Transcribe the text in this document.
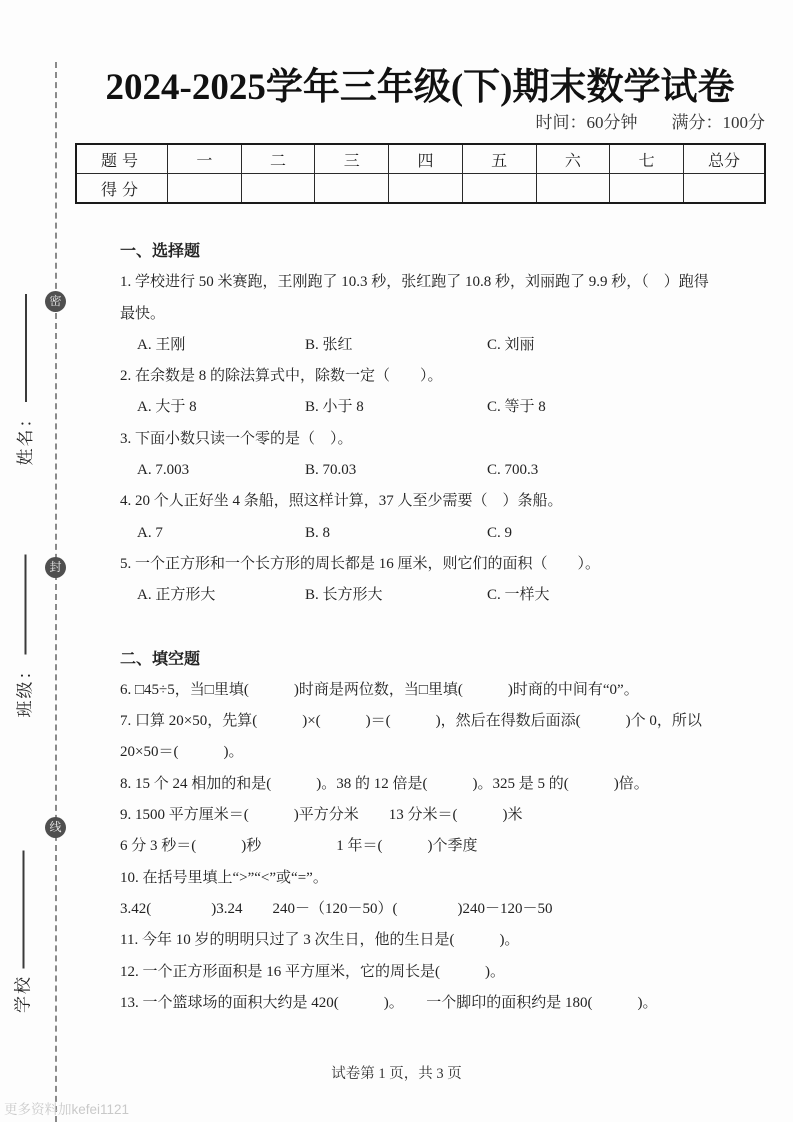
密
封
线
姓名：
班级：
学校
2024-2025学年三年级(下)期末数学试卷
时间：60分钟 满分：100分
题号	一	二	三	四	五	六	七	总分
得分								
一、选择题
1. 学校进行 50 米赛跑，王刚跑了 10.3 秒，张红跑了 10.8 秒，刘丽跑了 9.9 秒，（　）跑得
最快。
A. 王刚	B. 张红	C. 刘丽
2. 在余数是 8 的除法算式中，除数一定（　　）。
A. 大于 8	B. 小于 8	C. 等于 8
3. 下面小数只读一个零的是（　）。
A. 7.003	B. 70.03	C. 700.3
4. 20 个人正好坐 4 条船，照这样计算，37 人至少需要（　）条船。
A. 7	B. 8	C. 9
5. 一个正方形和一个长方形的周长都是 16 厘米，则它们的面积（　　）。
A. 正方形大	B. 长方形大	C. 一样大
二、填空题
6. □45÷5，当□里填(　　　)时商是两位数，当□里填(　　　)时商的中间有“0”。
7. 口算 20×50，先算(　　　)×(　　　)＝(　　　)，然后在得数后面添(　　　)个 0，所以
20×50＝(　　　)。
8. 15 个 24 相加的和是(　　　)。38 的 12 倍是(　　　)。325 是 5 的(　　　)倍。
9. 1500 平方厘米＝(　　　)平方分米　　13 分米＝(　　　)米
6 分 3 秒＝(　　　)秒　　　　　1 年＝(　　　)个季度
10. 在括号里填上“>”“<”或“=”。
3.42(　　　　)3.24　　240－（120－50）(　　　　)240－120－50
11. 今年 10 岁的明明只过了 3 次生日，他的生日是(　　　)。
12. 一个正方形面积是 16 平方厘米，它的周长是(　　　)。
13. 一个篮球场的面积大约是 420(　　　)。　　一个脚印的面积约是 180(　　　)。
试卷第 1 页，共 3 页
更多资料加kefei1121
